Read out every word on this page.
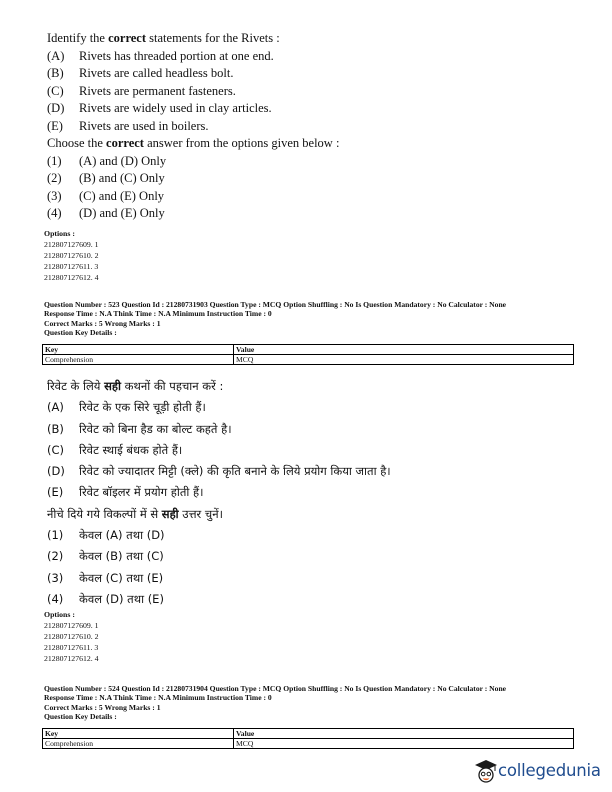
Identify the correct statements for the Rivets :
(A) Rivets has threaded portion at one end.
(B) Rivets are called headless bolt.
(C) Rivets are permanent fasteners.
(D) Rivets are widely used in clay articles.
(E) Rivets are used in boilers.
Choose the correct answer from the options given below :
(1) (A) and (D) Only
(2) (B) and (C) Only
(3) (C) and (E) Only
(4) (D) and (E) Only
Options :
212807127609. 1
212807127610. 2
212807127611. 3
212807127612. 4
Question Number : 523 Question Id : 21280731903 Question Type : MCQ Option Shuffling : No Is Question Mandatory : No Calculator : None
Response Time : N.A Think Time : N.A Minimum Instruction Time : 0
Correct Marks : 5 Wrong Marks : 1
Question Key Details :
Key	Value
Comprehension	MCQ
रिवेट के लिये सही कथनों की पहचान करें :
(A) रिवेट के एक सिरे चूड़ी होती हैं।
(B) रिवेट को बिना हैड का बोल्ट कहते है।
(C) रिवेट स्थाई बंधक होते हैं।
(D) रिवेट को ज्यादातर मिट्टी (क्ले) की कृति बनाने के लिये प्रयोग किया जाता है।
(E) रिवेट बॉइलर में प्रयोग होती हैं।
नीचे दिये गये विकल्पों में से सही उत्तर चुनें।
(1) केवल (A) तथा (D)
(2) केवल (B) तथा (C)
(3) केवल (C) तथा (E)
(4) केवल (D) तथा (E)
Options :
212807127609. 1
212807127610. 2
212807127611. 3
212807127612. 4
Question Number : 524 Question Id : 21280731904 Question Type : MCQ Option Shuffling : No Is Question Mandatory : No Calculator : None
Response Time : N.A Think Time : N.A Minimum Instruction Time : 0
Correct Marks : 5 Wrong Marks : 1
Question Key Details :
Key	Value
Comprehension	MCQ
collegedunia
